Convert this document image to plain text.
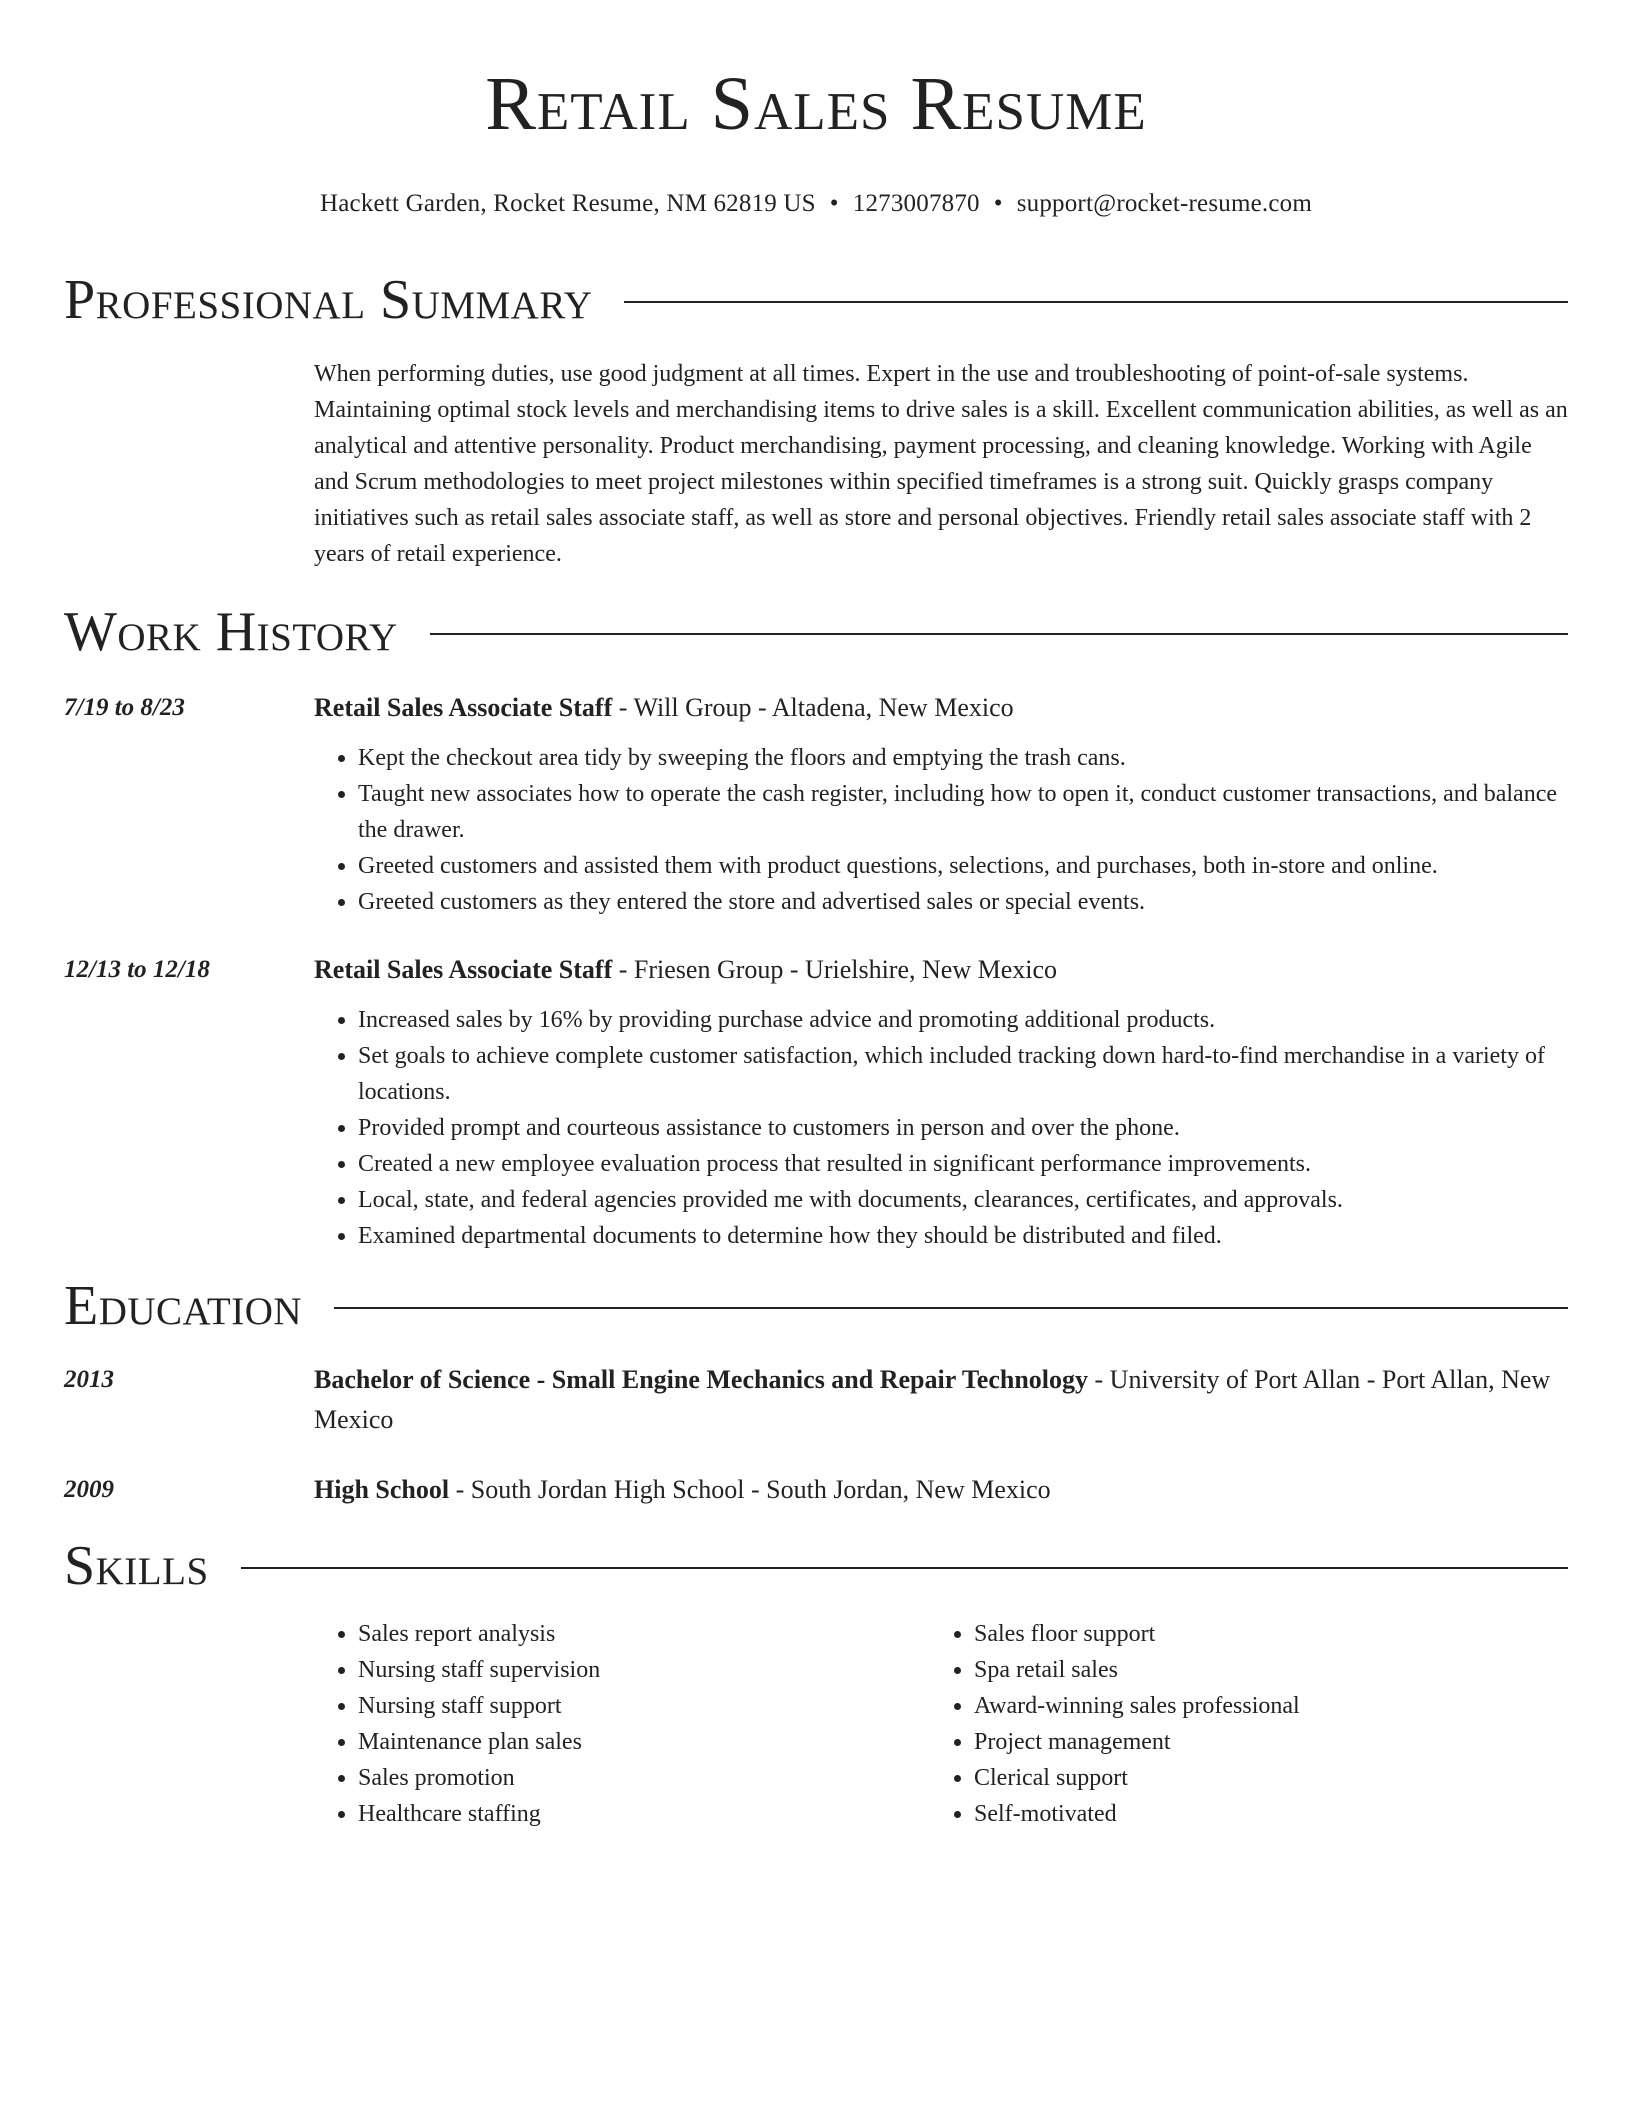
Retail Sales Resume
Hackett Garden, Rocket Resume, NM 62819 US • 1273007870 • support@rocket-resume.com
Professional Summary

When performing duties, use good judgment at all times. Expert in the use and troubleshooting of point-of-sale systems. Maintaining optimal stock levels and merchandising items to drive sales is a skill. Excellent communication abilities, as well as an analytical and attentive personality. Product merchandising, payment processing, and cleaning knowledge. Working with Agile and Scrum methodologies to meet project milestones within specified timeframes is a strong suit. Quickly grasps company initiatives such as retail sales associate staff, as well as store and personal objectives. Friendly retail sales associate staff with 2 years of retail experience.

Work History
7/19 to 8/23	Retail Sales Associate Staff - Will Group - Altadena, New Mexico
• Kept the checkout area tidy by sweeping the floors and emptying the trash cans.
• Taught new associates how to operate the cash register, including how to open it, conduct customer transactions, and balance the drawer.
• Greeted customers and assisted them with product questions, selections, and purchases, both in-store and online.
• Greeted customers as they entered the store and advertised sales or special events.
12/13 to 12/18	Retail Sales Associate Staff - Friesen Group - Urielshire, New Mexico
• Increased sales by 16% by providing purchase advice and promoting additional products.
• Set goals to achieve complete customer satisfaction, which included tracking down hard-to-find merchandise in a variety of locations.
• Provided prompt and courteous assistance to customers in person and over the phone.
• Created a new employee evaluation process that resulted in significant performance improvements.
• Local, state, and federal agencies provided me with documents, clearances, certificates, and approvals.
• Examined departmental documents to determine how they should be distributed and filed.
Education
2013	Bachelor of Science - Small Engine Mechanics and Repair Technology - University of Port Allan - Port Allan, New Mexico
2009	High School - South Jordan High School - South Jordan, New Mexico
Skills
• Sales report analysis
• Nursing staff supervision
• Nursing staff support
• Maintenance plan sales
• Sales promotion
• Healthcare staffing
• Sales floor support
• Spa retail sales
• Award-winning sales professional
• Project management
• Clerical support
• Self-motivated
